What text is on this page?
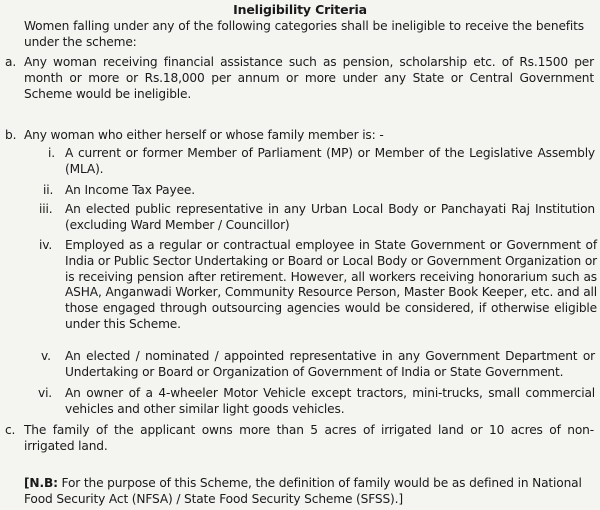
Ineligibility Criteria
Women falling under any of the following categories shall be ineligible to receive the benefits under the scheme:
a. Any woman receiving financial assistance such as pension, scholarship etc. of Rs.1500 per month or more or Rs.18,000 per annum or more under any State or Central Government Scheme would be ineligible.
b. Any woman who either herself or whose family member is: -
i. A current or former Member of Parliament (MP) or Member of the Legislative Assembly (MLA).
ii. An Income Tax Payee.
iii. An elected public representative in any Urban Local Body or Panchayati Raj Institution (excluding Ward Member / Councillor)
iv. Employed as a regular or contractual employee in State Government or Government of India or Public Sector Undertaking or Board or Local Body or Government Organization or is receiving pension after retirement. However, all workers receiving honorarium such as ASHA, Anganwadi Worker, Community Resource Person, Master Book Keeper, etc. and all those engaged through outsourcing agencies would be considered, if otherwise eligible under this Scheme.
v. An elected / nominated / appointed representative in any Government Department or Undertaking or Board or Organization of Government of India or State Government.
vi. An owner of a 4-wheeler Motor Vehicle except tractors, mini-trucks, small commercial vehicles and other similar light goods vehicles.
c. The family of the applicant owns more than 5 acres of irrigated land or 10 acres of non-irrigated land.
[N.B: For the purpose of this Scheme, the definition of family would be as defined in National Food Security Act (NFSA) / State Food Security Scheme (SFSS).]
